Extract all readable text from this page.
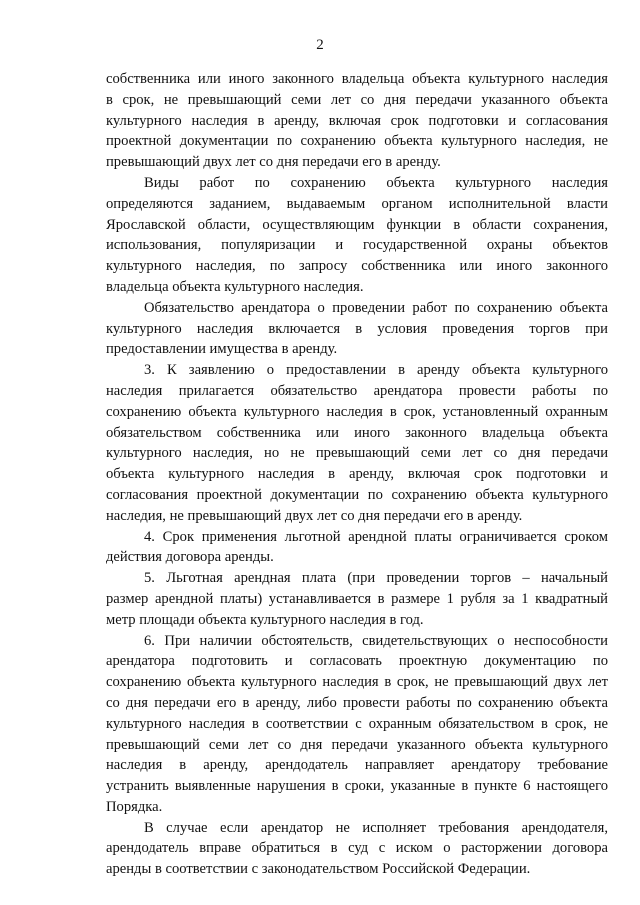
2

собственника или иного законного владельца объекта культурного наследия

в срок, не превышающий семи лет со дня передачи указанного объекта

культурного наследия в аренду, включая срок подготовки и согласования

проектной документации по сохранению объекта культурного наследия, не

превышающий двух лет со дня передачи его в аренду.

Виды работ по сохранению объекта культурного наследия

определяются заданием, выдаваемым органом исполнительной власти

Ярославской области, осуществляющим функции в области сохранения,

использования, популяризации и государственной охраны объектов

культурного наследия, по запросу собственника или иного законного

владельца объекта культурного наследия.

Обязательство арендатора о проведении работ по сохранению объекта

культурного наследия включается в условия проведения торгов при

предоставлении имущества в аренду.

3. К заявлению о предоставлении в аренду объекта культурного

наследия прилагается обязательство арендатора провести работы по

сохранению объекта культурного наследия в срок, установленный охранным

обязательством собственника или иного законного владельца объекта

культурного наследия, но не превышающий семи лет со дня передачи

объекта культурного наследия в аренду, включая срок подготовки и

согласования проектной документации по сохранению объекта культурного

наследия, не превышающий двух лет со дня передачи его в аренду.

4. Срок применения льготной арендной платы ограничивается сроком

действия договора аренды.

5. Льготная арендная плата (при проведении торгов – начальный

размер арендной платы) устанавливается в размере 1 рубля за 1 квадратный

метр площади объекта культурного наследия в год.

6. При наличии обстоятельств, свидетельствующих о неспособности

арендатора подготовить и согласовать проектную документацию по

сохранению объекта культурного наследия в срок, не превышающий двух лет

со дня передачи его в аренду, либо провести работы по сохранению объекта

культурного наследия в соответствии с охранным обязательством в срок, не

превышающий семи лет со дня передачи указанного объекта культурного

наследия в аренду, арендодатель направляет арендатору требование

устранить выявленные нарушения в сроки, указанные в пункте 6 настоящего

Порядка.

В случае если арендатор не исполняет требования арендодателя,

арендодатель вправе обратиться в суд с иском о расторжении договора

аренды в соответствии с законодательством Российской Федерации.
